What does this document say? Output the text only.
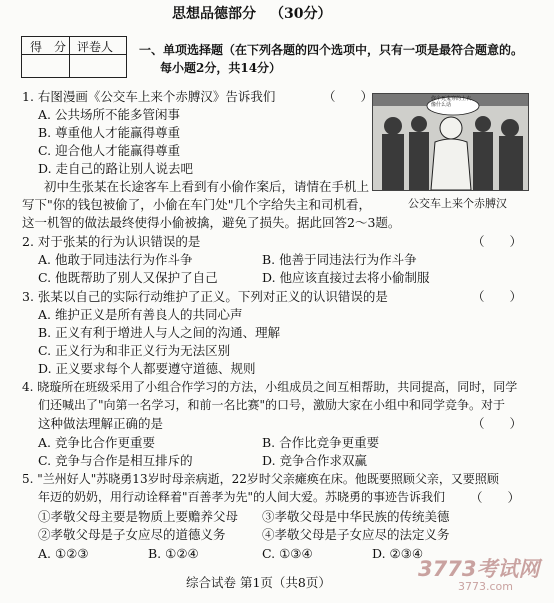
思想品德部分 （30分）
得　分 评卷人 一、单项选择题（在下列各题的四个选项中，只有一项是最符合题意的。
每小题2分，共14分）
你个死鬼穿的上衣像什么话
公交车上来个赤膊汉
1. 右图漫画《公交车上来个赤膊汉》告诉我们	（　　）
A. 公共场所不能多管闲事
B. 尊重他人才能赢得尊重
C. 迎合他人才能赢得尊重
D. 走自己的路让别人说去吧
初中生张某在长途客车上看到有小偷作案后，请情在手机上
写下"你的钱包被偷了，小偷在车门处"几个字给失主和司机看，
这一机智的做法最终使得小偷被擒，避免了损失。据此回答2～3题。
2. 对于张某的行为认识错误的是	（　　）
A. 他敢于同违法行为作斗争	B. 他善于同违法行为作斗争
C. 他既帮助了别人又保护了自己	D. 他应该直接过去将小偷制服
3. 张某以自己的实际行动维护了正义。下列对正义的认识错误的是	（　　）
A. 维护正义是所有善良人的共同心声
B. 正义有利于增进人与人之间的沟通、理解
C. 正义行为和非正义行为无法区别
D. 正义要求每个人都要遵守道德、规则
4. 晓璇所在班级采用了小组合作学习的方法，小组成员之间互相帮助，共同提高，同时，同学
们还喊出了"向第一名学习，和前一名比赛"的口号，激励大家在小组中和同学竞争。对于
这种做法理解正确的是	（　　）
A. 竞争比合作更重要	B. 合作比竞争更重要
C. 竞争与合作是相互排斥的	D. 竞争合作求双赢
5. "兰州好人"苏晓勇13岁时母亲病逝，22岁时父亲瘫痪在床。他既要照顾父亲，又要照顾
年迈的奶奶，用行动诠释着"百善孝为先"的人间大爱。苏晓勇的事迹告诉我们 （　　）
①孝敬父母主要是物质上要赡养父母 ③孝敬父母是中华民族的传统美德
②孝敬父母是子女应尽的道德义务	④孝敬父母是子女应尽的法定义务
A. ①②③	B. ①②④	C. ①③④	D. ②③④
综合试卷 第1页（共8页）
3773考试网
3773.com
